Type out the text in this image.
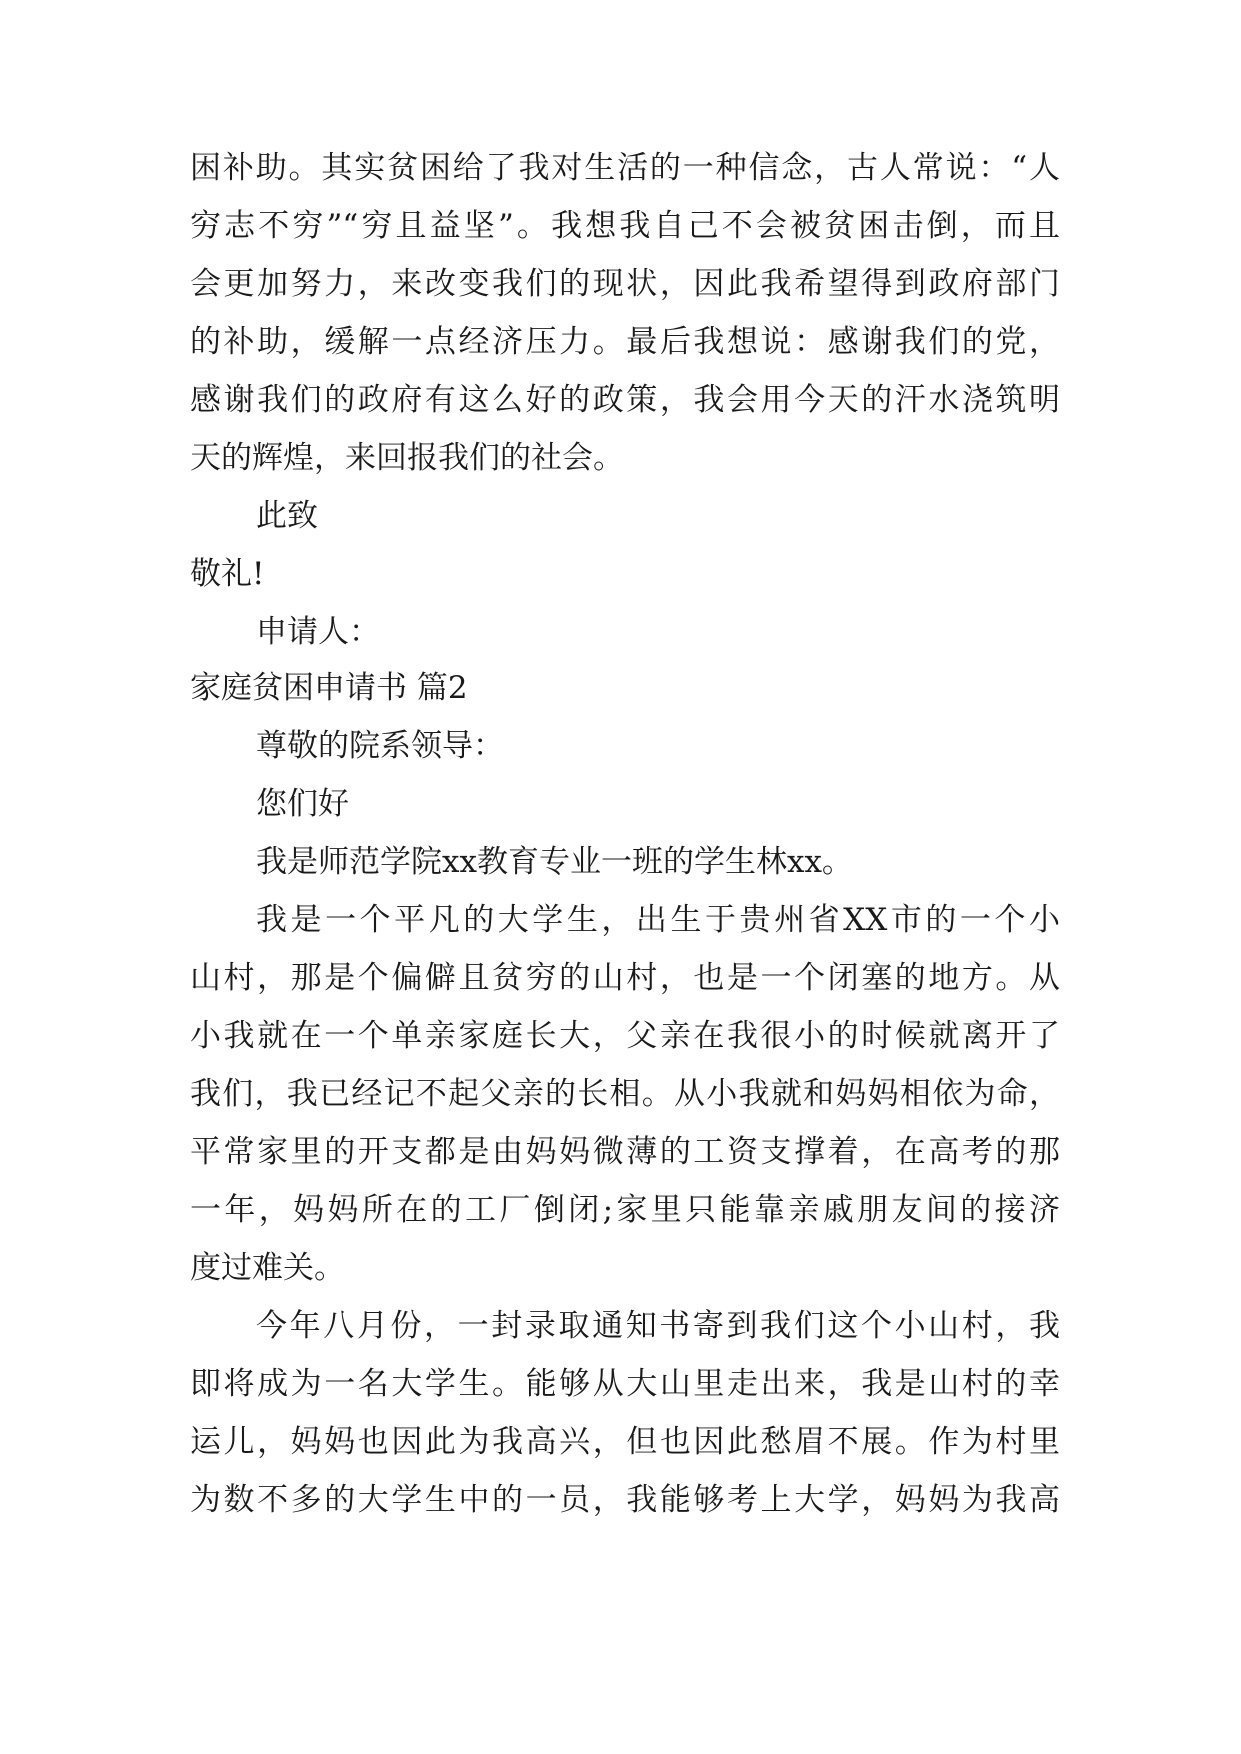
困补助。其实贫困给了我对生活的一种信念，古人常说：“人
穷志不穷”“穷且益坚”。我想我自己不会被贫困击倒，而且
会更加努力，来改变我们的现状，因此我希望得到政府部门
的补助，缓解一点经济压力。最后我想说：感谢我们的党，
感谢我们的政府有这么好的政策，我会用今天的汗水浇筑明
天的辉煌，来回报我们的社会。
此致
敬礼!
申请人：
家庭贫困申请书 篇2
尊敬的院系领导：
您们好
我是师范学院xx教育专业一班的学生林xx。
我是一个平凡的大学生，出生于贵州省XX市的一个小
山村，那是个偏僻且贫穷的山村，也是一个闭塞的地方。从
小我就在一个单亲家庭长大，父亲在我很小的时候就离开了
我们，我已经记不起父亲的长相。从小我就和妈妈相依为命，
平常家里的开支都是由妈妈微薄的工资支撑着，在高考的那
一年，妈妈所在的工厂倒闭;家里只能靠亲戚朋友间的接济
度过难关。
今年八月份，一封录取通知书寄到我们这个小山村，我
即将成为一名大学生。能够从大山里走出来，我是山村的幸
运儿，妈妈也因此为我高兴，但也因此愁眉不展。作为村里
为数不多的大学生中的一员，我能够考上大学，妈妈为我高
